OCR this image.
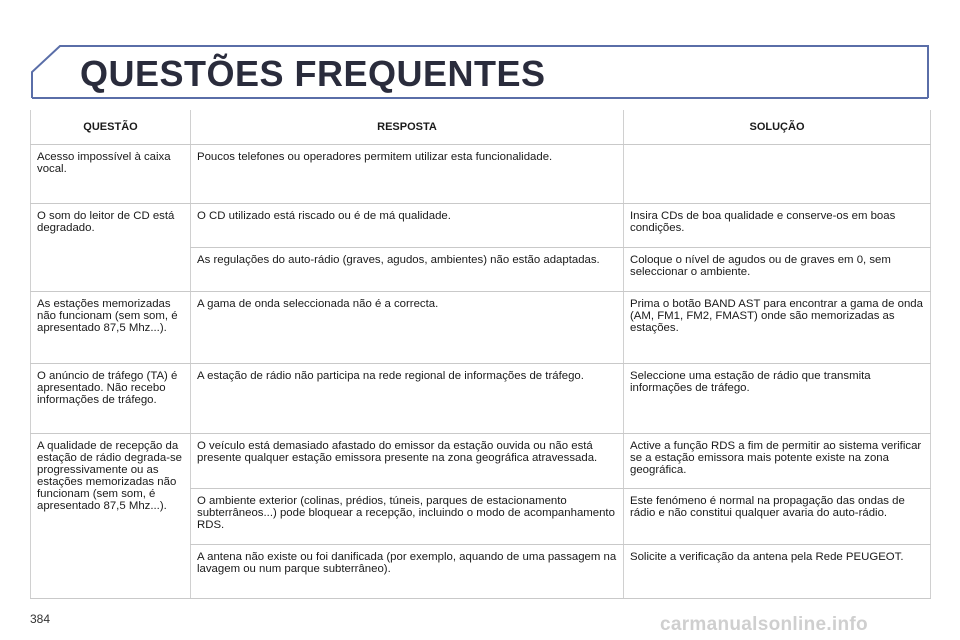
QUESTÕES FREQUENTES
QUESTÃO	RESPOSTA	SOLUÇÃO
Acesso impossível à caixa vocal.	Poucos telefones ou operadores permitem utilizar esta funcionalidade.	
O som do leitor de CD está degradado.	O CD utilizado está riscado ou é de má qualidade.	Insira CDs de boa qualidade e conserve-os em boas condições.
	As regulações do auto-rádio (graves, agudos, ambientes) não estão adaptadas.	Coloque o nível de agudos ou de graves em 0, sem seleccionar o ambiente.
As estações memorizadas não funcionam (sem som, é apresentado 87,5 Mhz...).	A gama de onda seleccionada não é a correcta.	Prima o botão BAND AST para encontrar a gama de onda (AM, FM1, FM2, FMAST) onde são memorizadas as estações.
O anúncio de tráfego (TA) é apresentado. Não recebo informações de tráfego.	A estação de rádio não participa na rede regional de informações de tráfego.	Seleccione uma estação de rádio que transmita informações de tráfego.
A qualidade de recepção da estação de rádio degrada-se progressivamente ou as estações memorizadas não funcionam (sem som, é apresentado 87,5 Mhz...).	O veículo está demasiado afastado do emissor da estação ouvida ou não está presente qualquer estação emissora presente na zona geográfica atravessada.	Active a função RDS a fim de permitir ao sistema verificar se a estação emissora mais potente existe na zona geográfica.
	O ambiente exterior (colinas, prédios, túneis, parques de estacionamento subterrâneos...) pode bloquear a recepção, incluindo o modo de acompanhamento RDS.	Este fenómeno é normal na propagação das ondas de rádio e não constitui qualquer avaria do auto-rádio.
	A antena não existe ou foi danificada (por exemplo, aquando de uma passagem na lavagem ou num parque subterrâneo).	Solicite a verificação da antena pela Rede PEUGEOT.
384	carmanualsonline.info
